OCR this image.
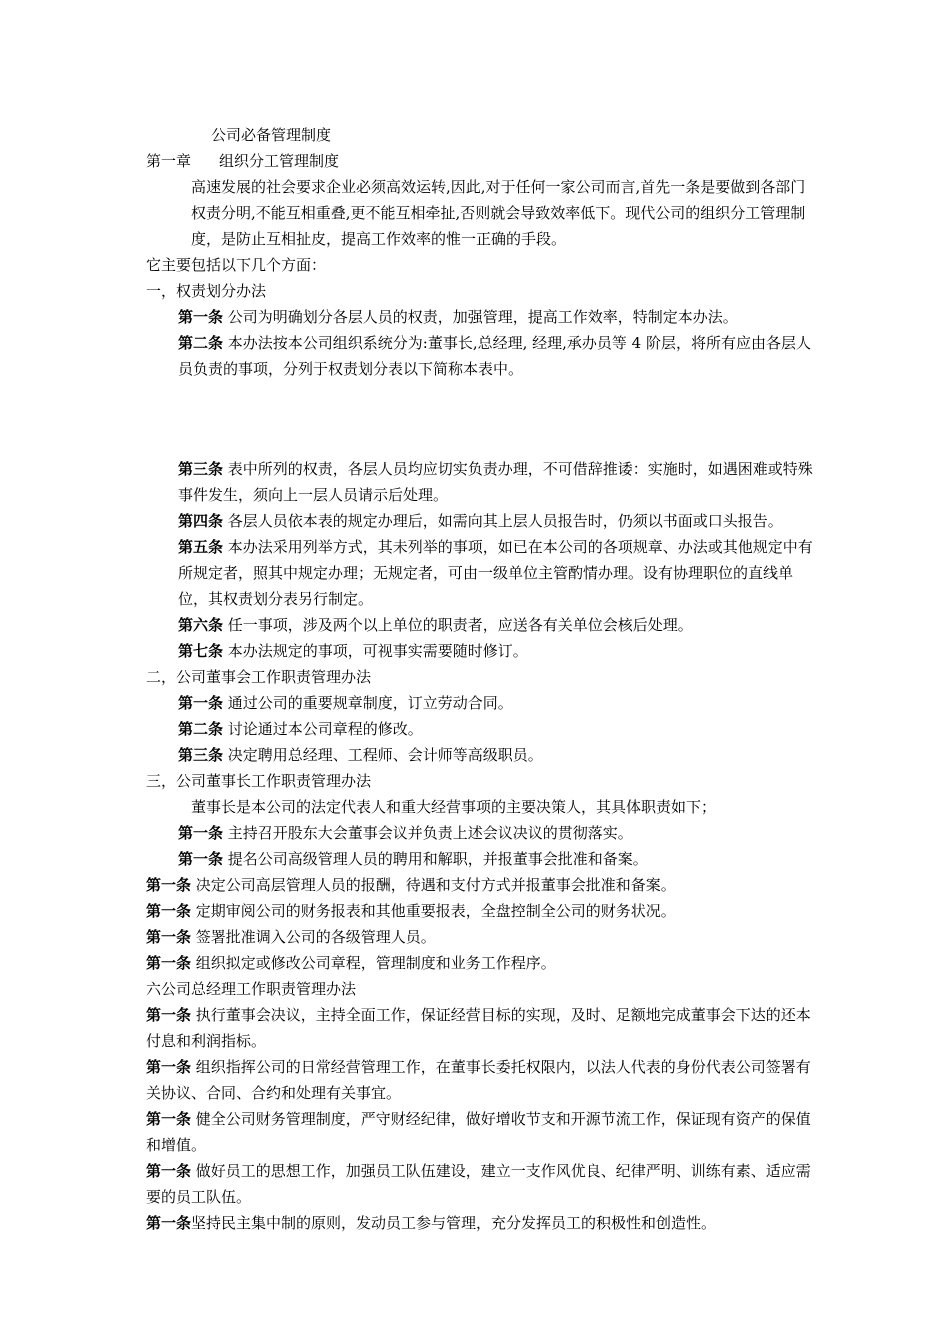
公司必备管理制度

第一章 组织分工管理制度

高速发展的社会要求企业必须高效运转,因此,对于任何一家公司而言,首先一条是要做到各部门权责分明,不能互相重叠,更不能互相牵扯,否则就会导致效率低下。现代公司的组织分工管理制度，是防止互相扯皮，提高工作效率的惟一正确的手段。

它主要包括以下几个方面：

一，权责划分办法

第一条 公司为明确划分各层人员的权责，加强管理，提高工作效率，特制定本办法。

第二条 本办法按本公司组织系统分为:董事长,总经理, 经理,承办员等 4 阶层，将所有应由各层人员负责的事项，分列于权责划分表以下简称本表中。

第三条 表中所列的权责，各层人员均应切实负责办理，不可借辞推诿：实施时，如遇困难或特殊事件发生，须向上一层人员请示后处理。

第四条 各层人员依本表的规定办理后，如需向其上层人员报告时，仍须以书面或口头报告。

第五条 本办法采用列举方式，其未列举的事项，如已在本公司的各项规章、办法或其他规定中有所规定者，照其中规定办理；无规定者，可由一级单位主管酌情办理。设有协理职位的直线单位，其权责划分表另行制定。

第六条 任一事项，涉及两个以上单位的职责者，应送各有关单位会核后处理。

第七条 本办法规定的事项，可视事实需要随时修订。

二，公司董事会工作职责管理办法

第一条 通过公司的重要规章制度，订立劳动合同。

第二条 讨论通过本公司章程的修改。

第三条 决定聘用总经理、工程师、会计师等高级职员。

三，公司董事长工作职责管理办法

董事长是本公司的法定代表人和重大经营事项的主要决策人，其具体职责如下；

第一条 主持召开股东大会董事会议并负责上述会议决议的贯彻落实。

第一条 提名公司高级管理人员的聘用和解职，并报董事会批准和备案。

第一条 决定公司高层管理人员的报酬，待遇和支付方式并报董事会批准和备案。

第一条 定期审阅公司的财务报表和其他重要报表，全盘控制全公司的财务状况。

第一条 签署批准调入公司的各级管理人员。

第一条 组织拟定或修改公司章程，管理制度和业务工作程序。

六公司总经理工作职责管理办法

第一条 执行董事会决议，主持全面工作，保证经营目标的实现，及时、足额地完成董事会下达的还本付息和利润指标。

第一条 组织指挥公司的日常经营管理工作，在董事长委托权限内，以法人代表的身份代表公司签署有关协议、合同、合约和处理有关事宜。

第一条 健全公司财务管理制度，严守财经纪律，做好增收节支和开源节流工作，保证现有资产的保值和增值。

第一条 做好员工的思想工作，加强员工队伍建设，建立一支作风优良、纪律严明、训练有素、适应需要的员工队伍。

第一条坚持民主集中制的原则，发动员工参与管理，充分发挥员工的积极性和创造性。
